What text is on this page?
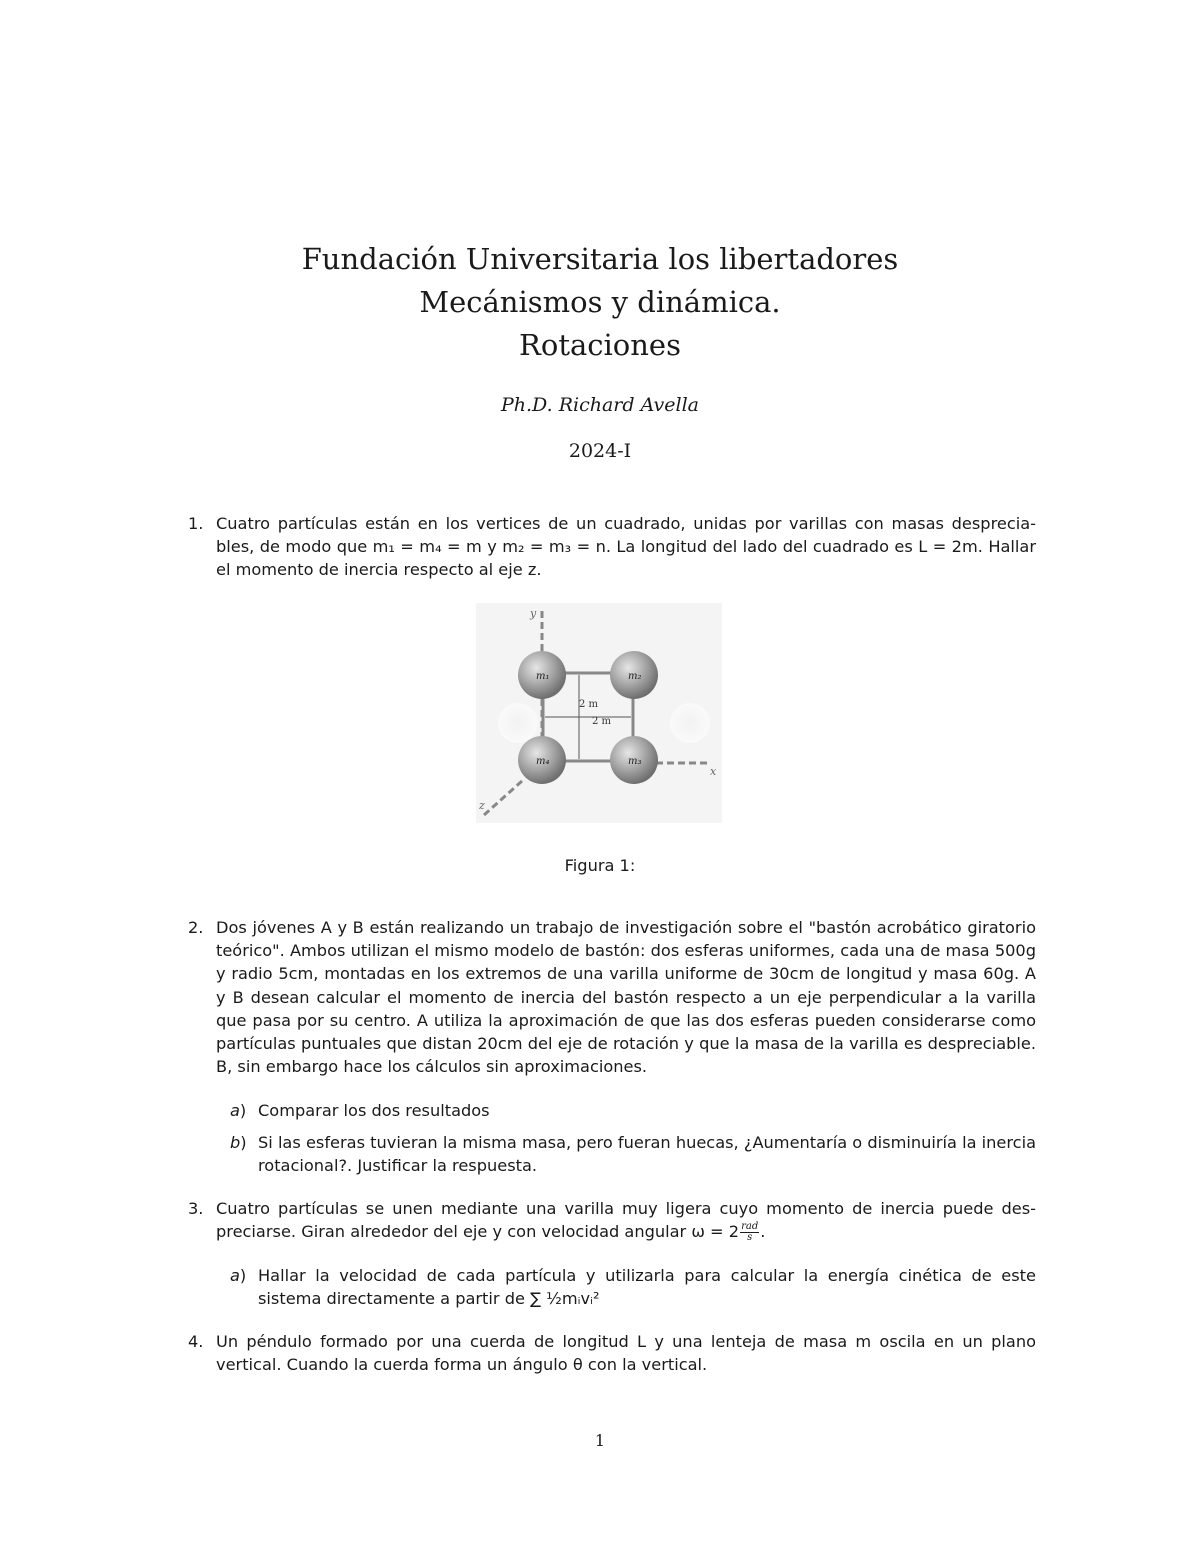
Fundación Universitaria los libertadores
Mecánismos y dinámica.
Rotaciones
Ph.D. Richard Avella
2024-I
1. Cuatro partículas están en los vertices de un cuadrado, unidas por varillas con masas desprecia-bles, de modo que m₁ = m₄ = m y m₂ = m₃ = n. La longitud del lado del cuadrado es L = 2m. Hallar el momento de inercia respecto al eje z.
y
x
z
2 m
2 m
m₁	m₂
m₄	m₃
Figura 1:
2. Dos jóvenes A y B están realizando un trabajo de investigación sobre el "bastón acrobático giratorio teórico". Ambos utilizan el mismo modelo de bastón: dos esferas uniformes, cada una de masa 500g y radio 5cm, montadas en los extremos de una varilla uniforme de 30cm de longitud y masa 60g. A y B desean calcular el momento de inercia del bastón respecto a un eje perpendicular a la varilla que pasa por su centro. A utiliza la aproximación de que las dos esferas pueden considerarse como partículas puntuales que distan 20cm del eje de rotación y que la masa de la varilla es despreciable. B, sin embargo hace los cálculos sin aproximaciones.
a) Comparar los dos resultados
b) Si las esferas tuvieran la misma masa, pero fueran huecas, ¿Aumentaría o disminuiría la inercia rotacional?. Justificar la respuesta.
3. Cuatro partículas se unen mediante una varilla muy ligera cuyo momento de inercia puede des-preciarse. Giran alrededor del eje y con velocidad angular $\omega = 2 \frac{\text{rad}}{s}$ .
a) Hallar la velocidad de cada partícula y utilizarla para calcular la energía cinética de este sistema directamente a partir de ∑ ½mᵢvᵢ²
4. Un péndulo formado por una cuerda de longitud L y una lenteja de masa m oscila en un plano vertical. Cuando la cuerda forma un ángulo θ con la vertical.
1
